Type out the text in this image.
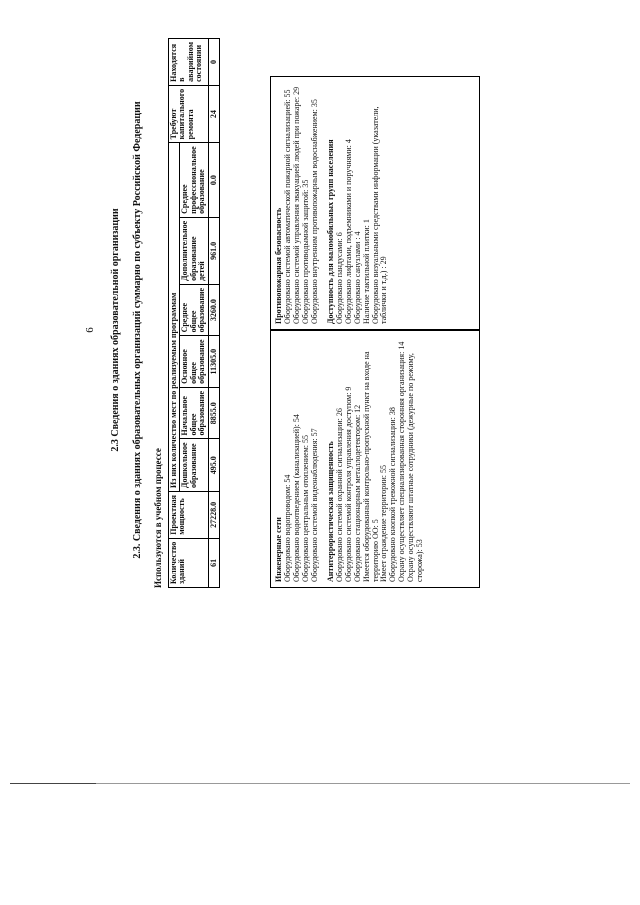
6 2.3 Сведения о зданиях образовательной организации 2.3. Сведения о зданиях образовательных организаций суммарно по субъекту Российской Федерации Используются в учебном процессе Количество зданий	Проектная мощность	Из них количество мест по реализуемым программам						Требуют капитального ремонта	Находятся в аварийном состоянии
		Дошкольное образование	Начальное общее образование	Основное общее образование	Среднее общее образование	Дополнительное образование детей	Среднее профессиональное образование		
61	27228.0	495.0	8855.0	11305.0	3260.0	961.0	0.0	24	0
Инженерные сети Оборудовано водопроводом: 54 Оборудовано водоотведением (канализацией): 54 Оборудовано центральным отоплением: 55 Оборудовано системой видеонаблюдения: 57 Антитеррористическая защищенность Оборудовано системой охранной сигнализации: 26 Оборудовано системой контроля управления доступом: 9 Оборудовано стационарным металлодетектором: 12 Имеется оборудованный контрольно-пропускной пункт на входе на территорию ОО: 5 Имеет ограждение территории: 55 Оборудовано кнопкой тревожной сигнализации: 38 Охрану осуществляет специализированная сторонняя организация: 14 Охрану осуществляют штатные сотрудники (дежурные по режиму, сторожа): 53
Противопожарная безопасность Оборудовано системой автоматической пожарной сигнализацией: 55 Оборудовано системой управления эвакуацией людей при пожаре: 29 Оборудовано противодымной защитой: 35 Оборудовано внутренним противопожарным водоснабжением: 35 Доступность для маломобильных групп населения Оборудовано пандусами: 6 Оборудовано лифтами, подъемниками и поручнями: 4 Оборудовано санузлами : 4 Наличие тактильной плитки: 1 Оборудовано визуальными средствами информации (указатели, таблички и т.д.) : 29
